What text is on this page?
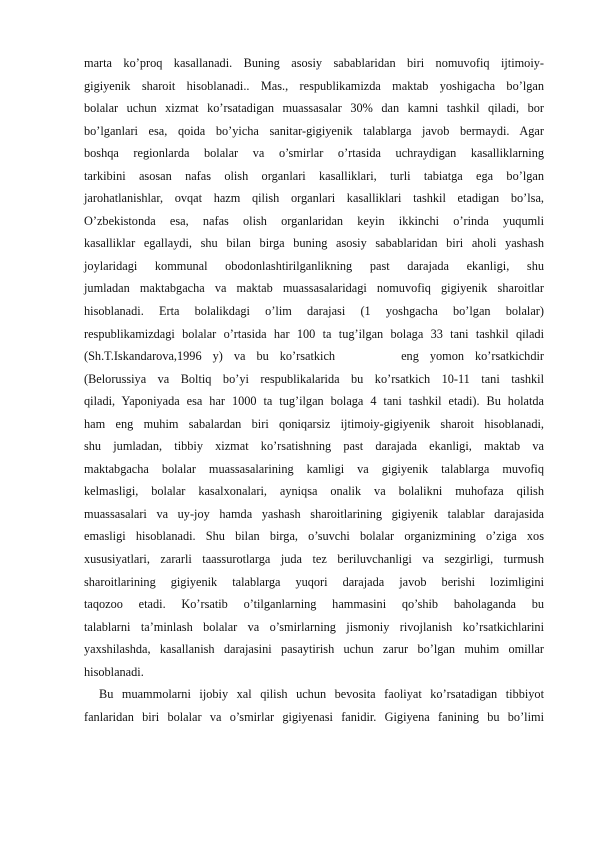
marta ko’proq kasallanadi. Buning asosiy sabablaridan biri nomuvofiq ijtimoiy-
gigiyenik sharoit hisoblanadi.. Mas., respublikamizda maktab yoshigacha bo’lgan
bolalar uchun xizmat ko’rsatadigan muassasalar 30% dan kamni tashkil qiladi, bor
bo’lganlari esa, qoida bo’yicha sanitar-gigiyenik talablarga javob bermaydi. Agar
boshqa regionlarda bolalar va o’smirlar o’rtasida uchraydigan kasalliklarning
tarkibini asosan nafas olish organlari kasalliklari, turli tabiatga ega bo’lgan
jarohatlanishlar, ovqat hazm qilish organlari kasalliklari tashkil etadigan bo’lsa,
O’zbekistonda esa, nafas olish organlaridan keyin ikkinchi o’rinda yuqumli
kasalliklar egallaydi, shu bilan birga buning asosiy sabablaridan biri aholi yashash
joylaridagi kommunal obodonlashtirilganlikning past darajada ekanligi, shu
jumladan maktabgacha va maktab muassasalaridagi nomuvofiq gigiyenik sharoitlar
hisoblanadi. Erta bolalikdagi o’lim darajasi (1 yoshgacha bo’lgan bolalar)
respublikamizdagi bolalar o’rtasida har 100 ta tug’ilgan bolaga 33 tani tashkil qiladi
(Sh.T.Iskandarova,1996 y) va bu ko’rsatkich      eng yomon ko’rsatkichdir
(Belorussiya va Boltiq bo’yi respublikalarida bu ko’rsatkich 10-11 tani tashkil
qiladi, Yaponiyada esa har 1000 ta tug’ilgan bolaga 4 tani tashkil etadi). Bu holatda
ham eng muhim sabalardan biri qoniqarsiz ijtimoiy-gigiyenik sharoit hisoblanadi,
shu jumladan, tibbiy xizmat ko’rsatishning past darajada ekanligi, maktab va
maktabgacha bolalar muassasalarining kamligi va gigiyenik talablarga muvofiq
kelmasligi, bolalar kasalxonalari, ayniqsa onalik va bolalikni muhofaza qilish
muassasalari va uy-joy hamda yashash sharoitlarining gigiyenik talablar darajasida
emasligi hisoblanadi. Shu bilan birga, o’suvchi bolalar organizmining o’ziga xos
xususiyatlari, zararli taassurotlarga juda tez beriluvchanligi va sezgirligi, turmush
sharoitlarining gigiyenik talablarga yuqori darajada javob berishi lozimligini
taqozoo etadi. Ko’rsatib o’tilganlarning hammasini qo’shib baholaganda bu
talablarni ta’minlash bolalar va o’smirlarning jismoniy rivojlanish ko’rsatkichlarini
yaxshilashda, kasallanish darajasini pasaytirish uchun zarur bo’lgan muhim omillar
hisoblanadi.
Bu muammolarni ijobiy xal qilish uchun bevosita faoliyat ko’rsatadigan tibbiyot
fanlaridan biri bolalar va o’smirlar gigiyenasi fanidir. Gigiyena fanining bu bo’limi
